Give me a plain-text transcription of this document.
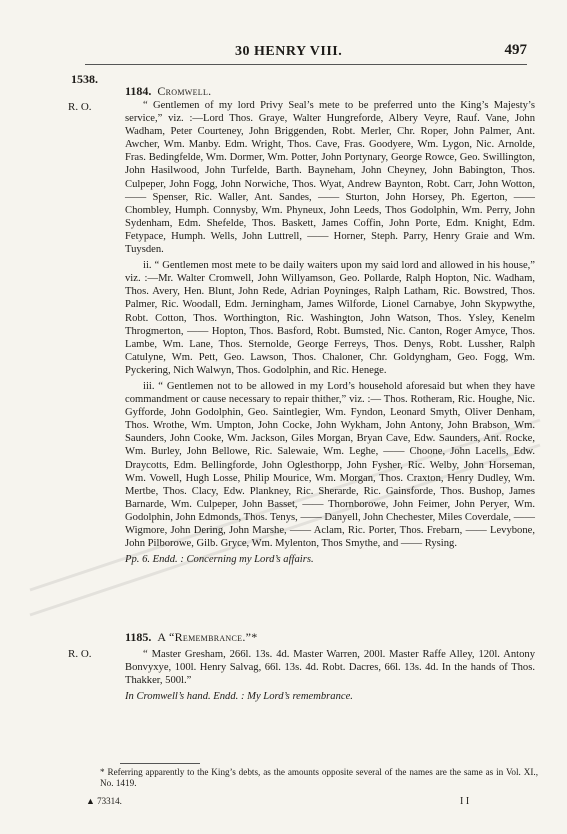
30 HENRY VIII.	497
1538.
1184. Cromwell.
R. O.	“ Gentlemen of my lord Privy Seal’s mete to be preferred unto the King’s Majesty’s service,” viz. :—Lord Thos. Graye, Walter Hungreforde, Albery Veyre, Rauf. Vane, John Wadham, Peter Courteney, John Briggenden, Robt. Merler, Chr. Roper, John Palmer, Ant. Awcher, Wm. Manby. Edm. Wright, Thos. Cave, Fras. Goodyere, Wm. Lygon, Nic. Arnolde, Fras. Bedingfelde, Wm. Dormer, Wm. Potter, John Portynary, George Rowce, Geo. Swillington, John Hasilwood, John Turfelde, Barth. Bayneham, John Cheyney, John Babington, Thos. Culpeper, John Fogg, John Norwiche, Thos. Wyat, Andrew Baynton, Robt. Carr, John Wotton, —— Spenser, Ric. Waller, Ant. Sandes, —— Sturton, John Horsey, Ph. Egerton, —— Chombley, Humph. Connysby, Wm. Phyneux, John Leeds, Thos Godolphin, Wm. Perry, John Sydenham, Edm. Shefelde, Thos. Baskett, James Coffin, John Porte, Edm. Knight, Edm. Fetypace, Humph. Wells, John Luttrell, —— Horner, Steph. Parry, Henry Graie and Wm. Tuysden.

ii. “ Gentlemen most mete to be daily waiters upon my said lord and allowed in his house,” viz. :—Mr. Walter Cromwell, John Willyamson, Geo. Pollarde, Ralph Hopton, Nic. Wadham, Thos. Avery, Hen. Blunt, John Rede, Adrian Poyninges, Ralph Latham, Ric. Bowstred, Thos. Palmer, Ric. Woodall, Edm. Jerningham, James Wilforde, Lionel Carnabye, John Skypwythe, Robt. Cotton, Thos. Worthington, Ric. Washington, John Watson, Thos. Ysley, Kenelm Throgmerton, —— Hopton, Thos. Basford, Robt. Bumsted, Nic. Canton, Roger Amyce, Thos. Lambe, Wm. Lane, Thos. Sternolde, George Ferreys, Thos. Denys, Robt. Lussher, Ralph Catulyne, Wm. Pett, Geo. Lawson, Thos. Chaloner, Chr. Goldyngham, Geo. Fogg, Wm. Pyckering, Nich Walwyn, Thos. Godolphin, and Ric. Henege.

iii. “ Gentlemen not to be allowed in my Lord’s household aforesaid but when they have commandment or cause necessary to repair thither,” viz. :— Thos. Rotheram, Ric. Houghe, Nic. Gyfforde, John Godolphin, Geo. Saintlegier, Wm. Fyndon, Leonard Smyth, Oliver Denham, Thos. Wrothe, Wm. Umpton, John Cocke, John Wykham, John Antony, John Brabson, Wm. Saunders, John Cooke, Wm. Jackson, Giles Morgan, Bryan Cave, Edw. Saunders, Ant. Rocke, Wm. Burley, John Bellowe, Ric. Salewaie, Wm. Leghe, —— Choone, John Lacells, Edw. Draycotts, Edm. Bellingforde, John Oglesthorpp, John Fysher, Ric. Welby, John Horseman, Wm. Vowell, Hugh Losse, Philip Mourice, Wm. Morgan, Thos. Craxton, Henry Dudley, Wm. Mertbe, Thos. Clacy, Edw. Plankney, Ric. Sherarde, Ric. Gainsforde, Thos. Bushop, James Barnarde, Wm. Culpeper, John Basset, —— Thornborowe, John Feimer, John Peryer, Wm. Godolphin, John Edmonds, Thos. Tenys, —— Danyell, John Chechester, Miles Coverdale, —— Wigmore, John Dering, John Marshe, —— Aclam, Ric. Porter, Thos. Frebarn, —— Levybone, John Pilborowe, Gilb. Gryce, Wm. Mylenton, Thos Smythe, and —— Rysing.

Pp. 6. Endd. : Concerning my Lord’s affairs.

1185. A “Remembrance.”*
R. O.	“ Master Gresham, 266l. 13s. 4d. Master Warren, 200l. Master Raffe Alley, 120l. Antony Bonvyxye, 100l. Henry Salvag, 66l. 13s. 4d. Robt. Dacres, 66l. 13s. 4d. In the hands of Thos. Thakker, 500l.”

In Cromwell’s hand. Endd. : My Lord’s remembrance.

* Referring apparently to the King’s debts, as the amounts opposite several of the names are the same as in Vol. XI., No. 1419.
▲ 73314.	I I
